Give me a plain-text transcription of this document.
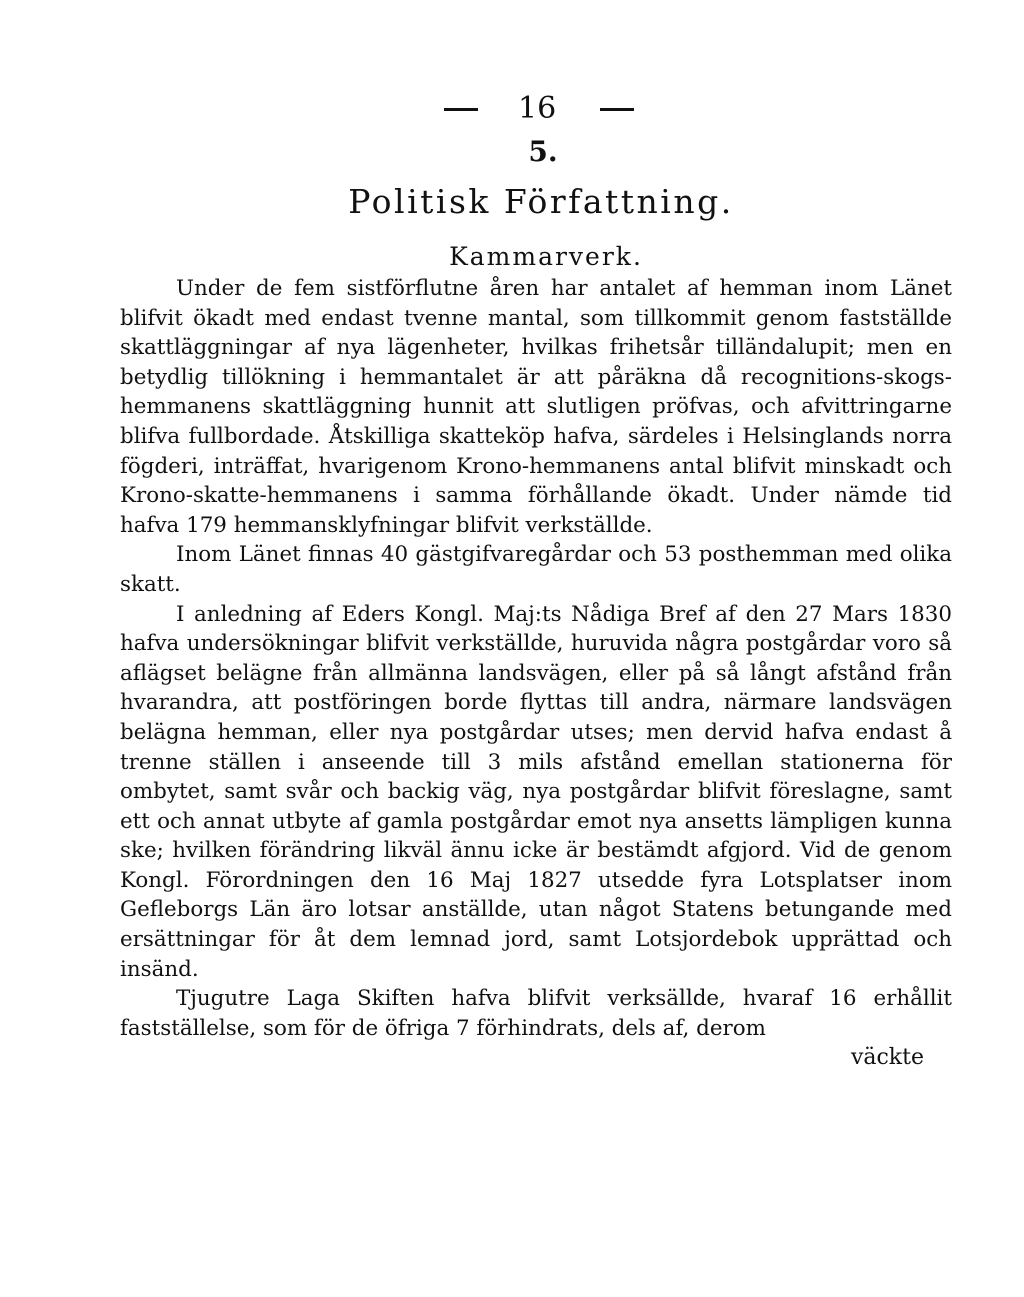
16
5.
Politisk Författning.
Kammarverk.

Under de fem sistförflutne åren har antalet af hemman inom Länet blifvit ökadt med endast tvenne mantal, som tillkommit genom fastställde skattläggningar af nya lägenheter, hvilkas frihetsår tilländalupit; men en betydlig tillökning i hemmantalet är att påräkna då recognitions-skogs-hemmanens skattläggning hunnit att slutligen pröfvas, och afvittringarne blifva fullbordade. Åtskilliga skatteköp hafva, särdeles i Helsinglands norra fögderi, inträffat, hvarigenom Krono-hemmanens antal blifvit minskadt och Krono-skatte-hemmanens i samma förhållande ökadt. Under nämde tid hafva 179 hemmansklyfningar blifvit verkställde.

Inom Länet finnas 40 gästgifvaregårdar och 53 posthemman med olika skatt.

I anledning af Eders Kongl. Maj:ts Nådiga Bref af den 27 Mars 1830 hafva undersökningar blifvit verkställde, huruvida några postgårdar voro så aflägset belägne från allmänna landsvägen, eller på så långt afstånd från hvarandra, att postföringen borde flyttas till andra, närmare landsvägen belägna hemman, eller nya postgårdar utses; men dervid hafva endast å trenne ställen i anseende till 3 mils afstånd emellan stationerna för ombytet, samt svår och backig väg, nya postgårdar blifvit föreslagne, samt ett och annat utbyte af gamla postgårdar emot nya ansetts lämpligen kunna ske; hvilken förändring likväl ännu icke är bestämdt afgjord. Vid de genom Kongl. Förordningen den 16 Maj 1827 utsedde fyra Lotsplatser inom Gefleborgs Län äro lotsar anställde, utan något Statens betungande med ersättningar för åt dem lemnad jord, samt Lotsjordebok upprättad och insänd.

Tjugutre Laga Skiften hafva blifvit verksällde, hvaraf 16 erhållit fastställelse, som för de öfriga 7 förhindrats, dels af, derom

väckte
